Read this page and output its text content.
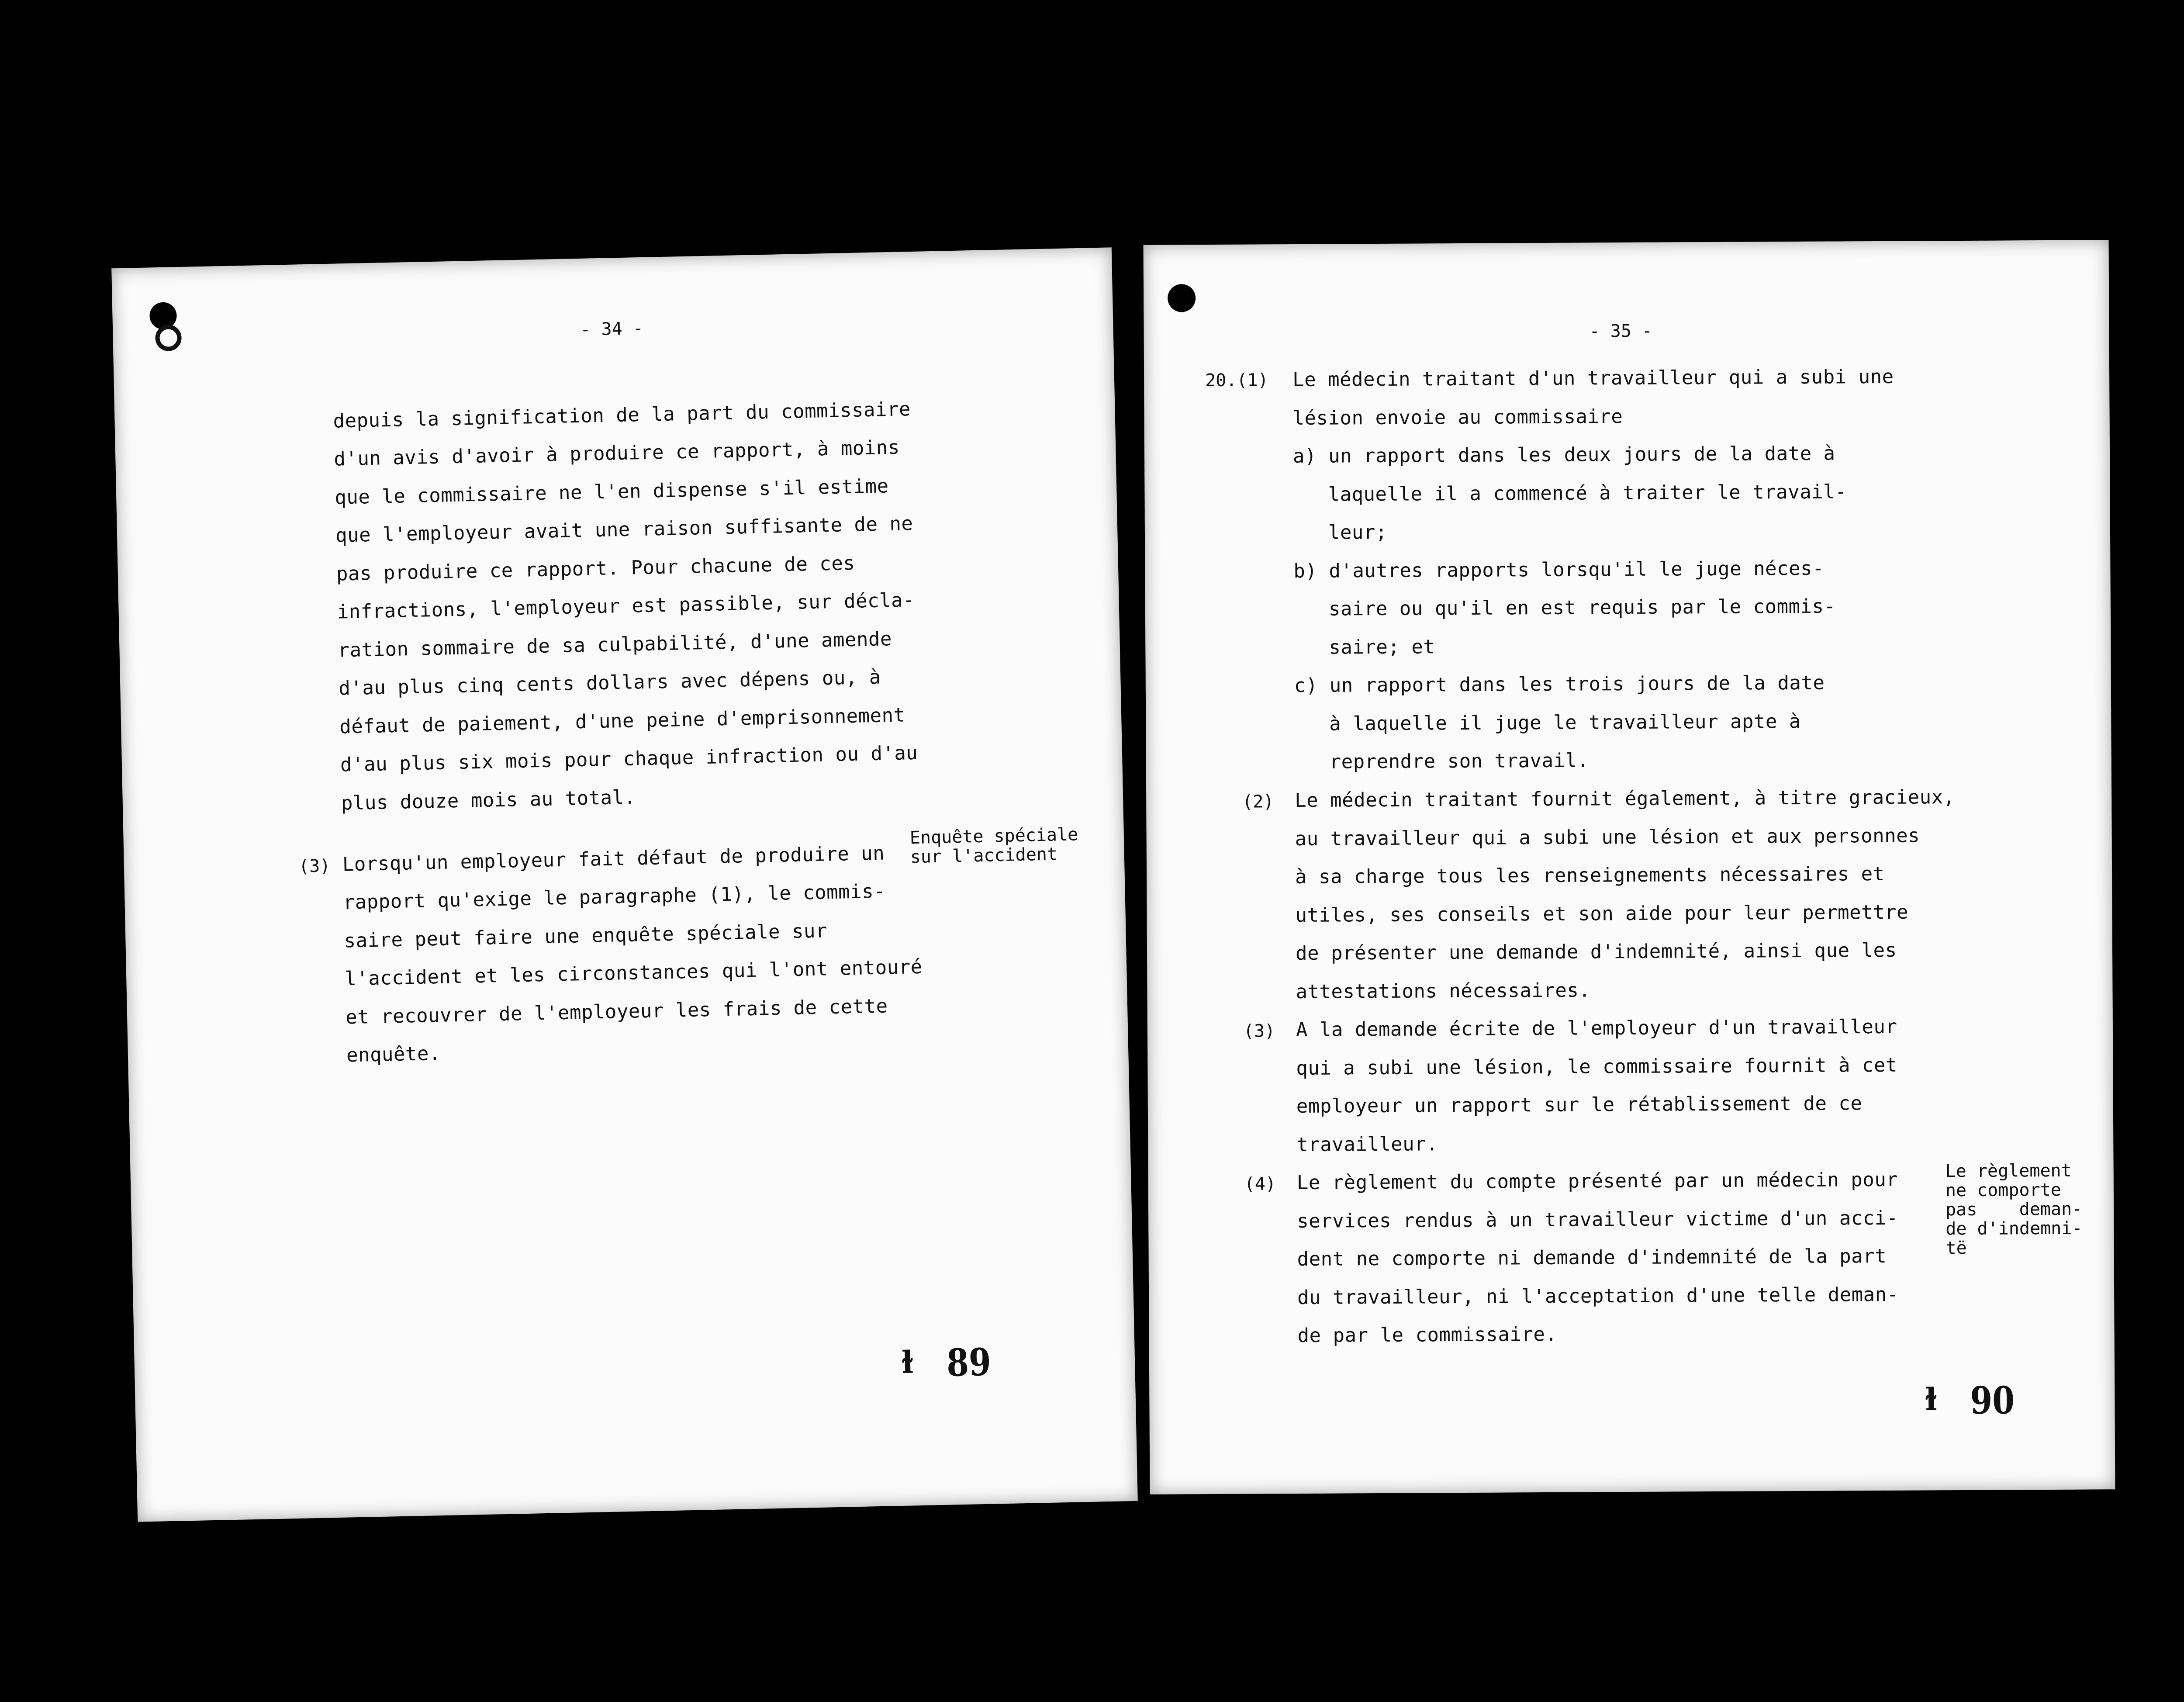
- 34 -
depuis la signification de la part du commissaire
d'un avis d'avoir à produire ce rapport, à moins
que le commissaire ne l'en dispense s'il estime
que l'employeur avait une raison suffisante de ne
pas produire ce rapport. Pour chacune de ces
infractions, l'employeur est passible, sur décla-
ration sommaire de sa culpabilité, d'une amende
d'au plus cinq cents dollars avec dépens ou, à
défaut de paiement, d'une peine d'emprisonnement
d'au plus six mois pour chaque infraction ou d'au
plus douze mois au total.
(3) Lorsqu'un employeur fait défaut de produire un
rapport qu'exige le paragraphe (1), le commis-
saire peut faire une enquête spéciale sur
l'accident et les circonstances qui l'ont entouré
et recouvrer de l'employeur les frais de cette
enquête.
Enquête spéciale
sur l'accident
ɫ 89
- 35 -
20.(1) Le médecin traitant d'un travailleur qui a subi une
lésion envoie au commissaire
a) un rapport dans les deux jours de la date à
laquelle il a commencé à traiter le travail-
leur;
b) d'autres rapports lorsqu'il le juge néces-
saire ou qu'il en est requis par le commis-
saire; et
c) un rapport dans les trois jours de la date
à laquelle il juge le travailleur apte à
reprendre son travail.
(2) Le médecin traitant fournit également, à titre gracieux,
au travailleur qui a subi une lésion et aux personnes
à sa charge tous les renseignements nécessaires et
utiles, ses conseils et son aide pour leur permettre
de présenter une demande d'indemnité, ainsi que les
attestations nécessaires.
(3) A la demande écrite de l'employeur d'un travailleur
qui a subi une lésion, le commissaire fournit à cet
employeur un rapport sur le rétablissement de ce
travailleur.
(4) Le règlement du compte présenté par un médecin pour
services rendus à un travailleur victime d'un acci-
dent ne comporte ni demande d'indemnité de la part
du travailleur, ni l'acceptation d'une telle deman-
de par le commissaire.
Le règlement
ne comporte
pas    deman-
de d'indemni-
të
ɫ 90
